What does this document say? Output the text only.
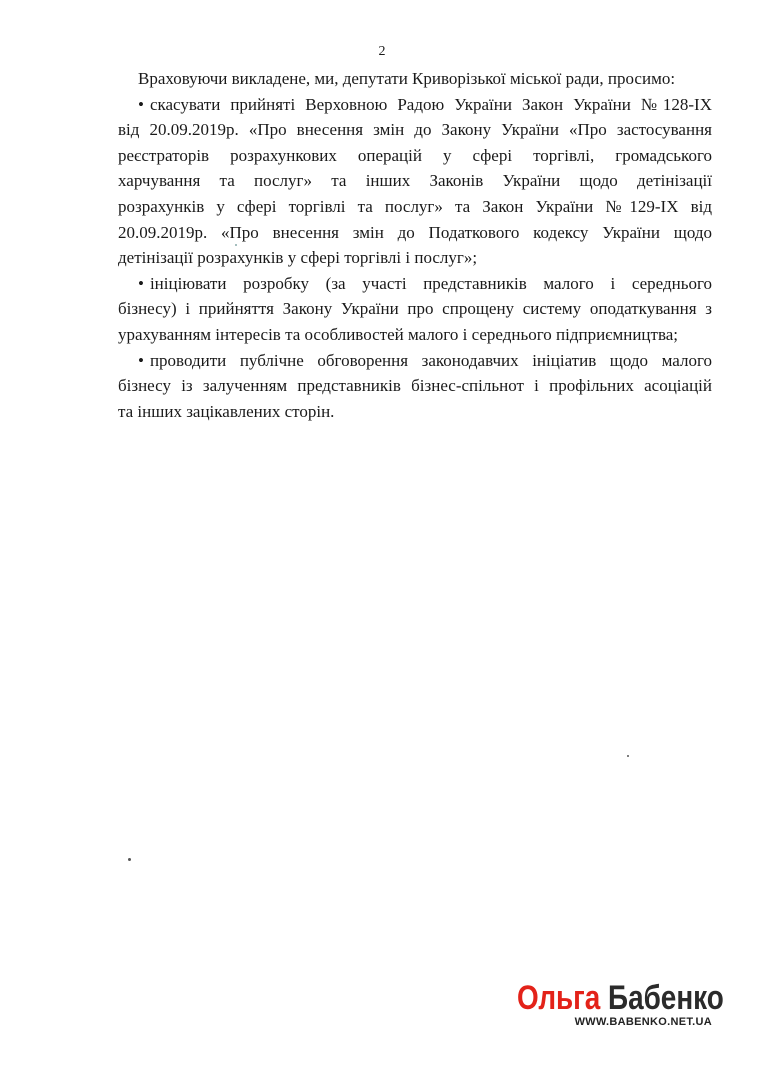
2
Враховуючи викладене, ми, депутати Криворізької міської ради, просимо:
• скасувати прийняті Верховною Радою України Закон України №128-IX
від 20.09.2019р. «Про внесення змін до Закону України «Про застосування
реєстраторів розрахункових операцій у сфері торгівлі, громадського
харчування та послуг» та інших Законів України щодо детінізації
розрахунків у сфері торгівлі та послуг» та Закон України №129-IX від
20.09.2019р. «Про внесення змін до Податкового кодексу України щодо
детінізації розрахунків у сфері торгівлі і послуг»;
• ініціювати розробку (за участі представників малого і середнього
бізнесу) і прийняття Закону України про спрощену систему оподаткування з
урахуванням інтересів та особливостей малого і середнього підприємництва;
• проводити публічне обговорення законодавчих ініціатив щодо малого
бізнесу із залученням представників бізнес-спільнот і профільних асоціацій
та інших зацікавлених сторін.
Ольга Бабенко
WWW.BABENKO.NET.UA
